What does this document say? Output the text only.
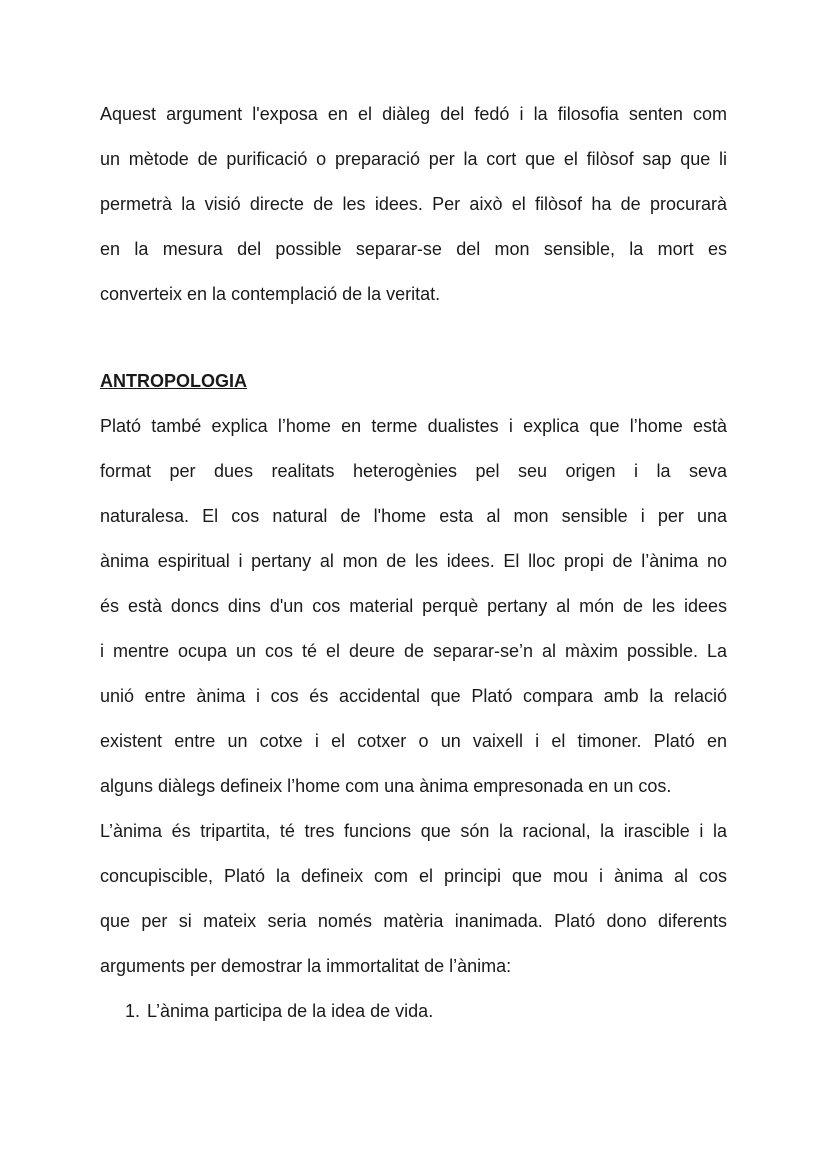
Aquest argument l'exposa en el diàleg del fedó i la filosofia senten com
un mètode de purificació o preparació per la cort que el filòsof sap que li
permetrà la visió directe de les idees. Per això el filòsof ha de procurarà
en la mesura del possible separar-se del mon sensible, la mort es
converteix en la contemplació de la veritat.

ANTROPOLOGIA

Plató també explica l’home en terme dualistes i explica que l’home està
format per dues realitats heterogènies pel seu origen i la seva
naturalesa. El cos natural de l'home esta al mon sensible i per una
ànima espiritual i pertany al mon de les idees. El lloc propi de l’ànima no
és està doncs dins d'un cos material perquè pertany al món de les idees
i mentre ocupa un cos té el deure de separar-se’n al màxim possible. La
unió entre ànima i cos és accidental que Plató compara amb la relació
existent entre un cotxe i el cotxer o un vaixell i el timoner. Plató en
alguns diàlegs defineix l’home com una ànima empresonada en un cos.

L’ànima és tripartita, té tres funcions que són la racional, la irascible i la
concupiscible, Plató la defineix com el principi que mou i ànima al cos
que per si mateix seria només matèria inanimada. Plató dono diferents
arguments per demostrar la immortalitat de l’ànima:

1. L’ànima participa de la idea de vida.
